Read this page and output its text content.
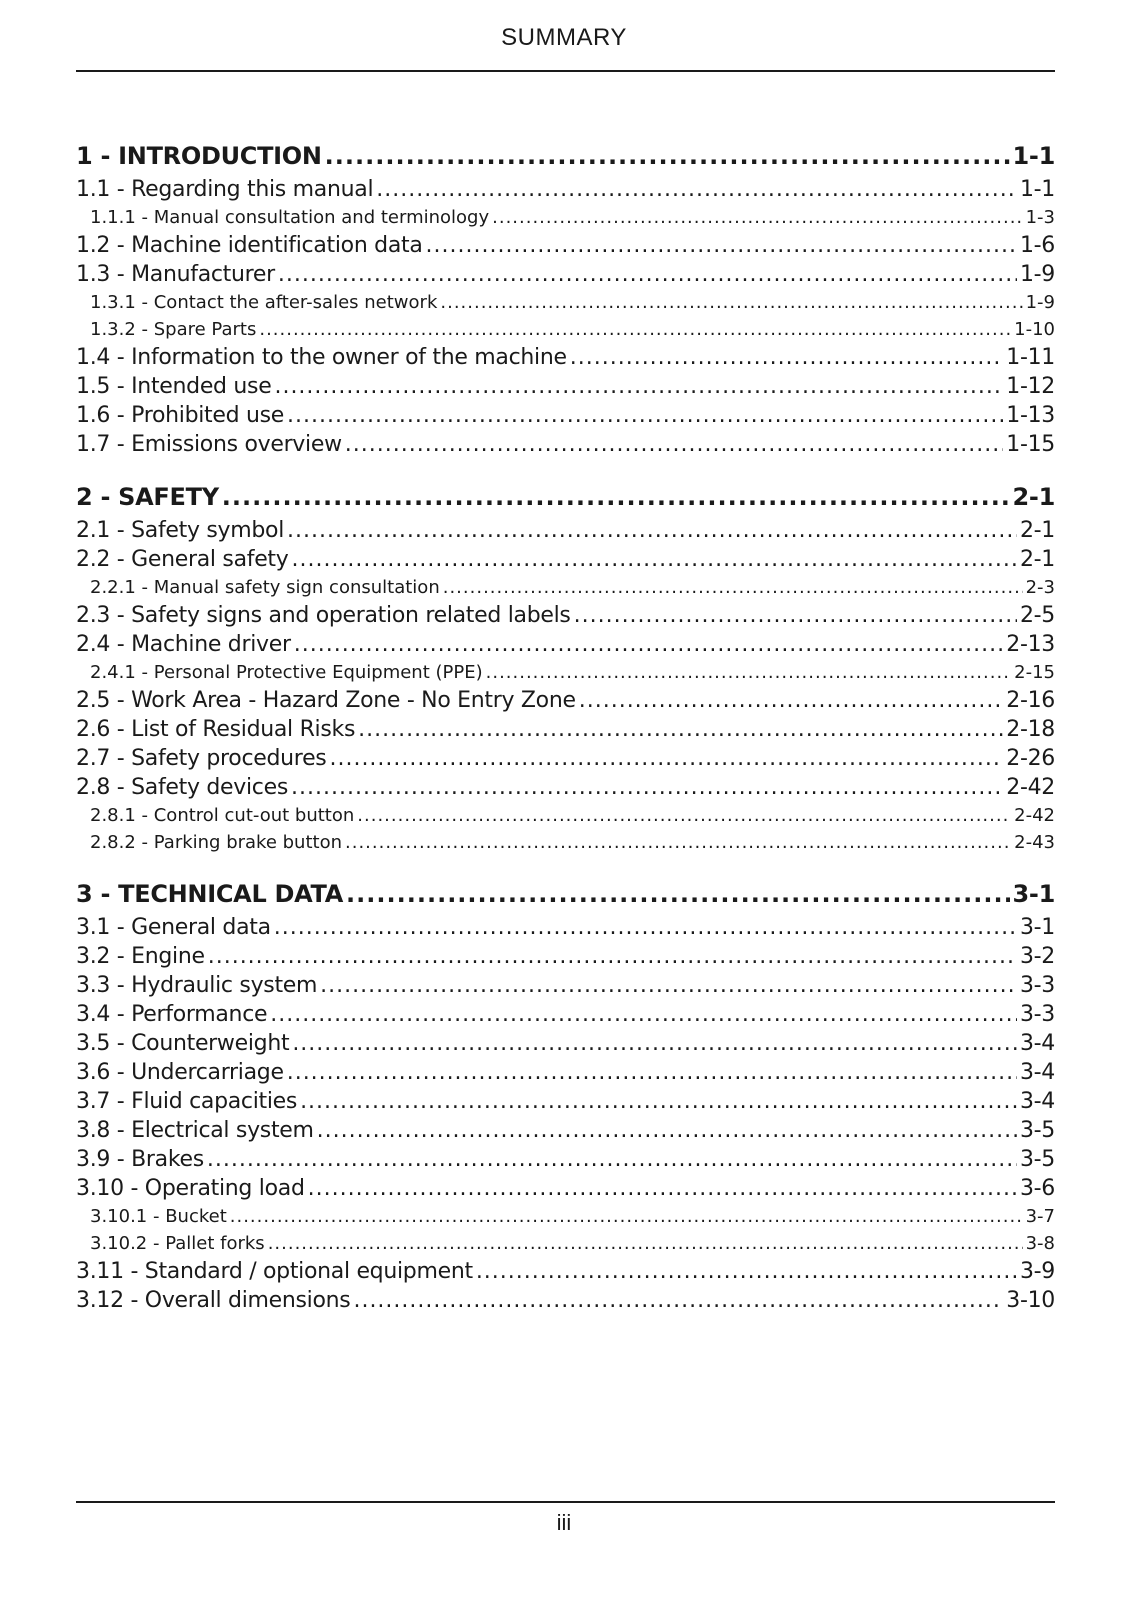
SUMMARY
1 - INTRODUCTION .....	1-1
1.1 - Regarding this manual .....	1-1
1.1.1 - Manual consultation and terminology .....	1-3
1.2 - Machine identification data .....	1-6
1.3 - Manufacturer .....	1-9
1.3.1 - Contact the after-sales network .....	1-9
1.3.2 - Spare Parts .....	1-10
1.4 - Information to the owner of the machine .....	1-11
1.5 - Intended use .....	1-12
1.6 - Prohibited use .....	1-13
1.7 - Emissions overview .....	1-15
2 - SAFETY .....	2-1
2.1 - Safety symbol .....	2-1
2.2 - General safety .....	2-1
2.2.1 - Manual safety sign consultation .....	2-3
2.3 - Safety signs and operation related labels .....	2-5
2.4 - Machine driver .....	2-13
2.4.1 - Personal Protective Equipment (PPE) .....	2-15
2.5 - Work Area - Hazard Zone - No Entry Zone .....	2-16
2.6 - List of Residual Risks .....	2-18
2.7 - Safety procedures .....	2-26
2.8 - Safety devices .....	2-42
2.8.1 - Control cut-out button .....	2-42
2.8.2 - Parking brake button .....	2-43
3 - TECHNICAL DATA .....	3-1
3.1 - General data .....	3-1
3.2 - Engine .....	3-2
3.3 - Hydraulic system .....	3-3
3.4 - Performance .....	3-3
3.5 - Counterweight .....	3-4
3.6 - Undercarriage .....	3-4
3.7 - Fluid capacities .....	3-4
3.8 - Electrical system .....	3-5
3.9 - Brakes .....	3-5
3.10 - Operating load .....	3-6
3.10.1 - Bucket .....	3-7
3.10.2 - Pallet forks .....	3-8
3.11 - Standard / optional equipment .....	3-9
3.12 - Overall dimensions .....	3-10
iii
